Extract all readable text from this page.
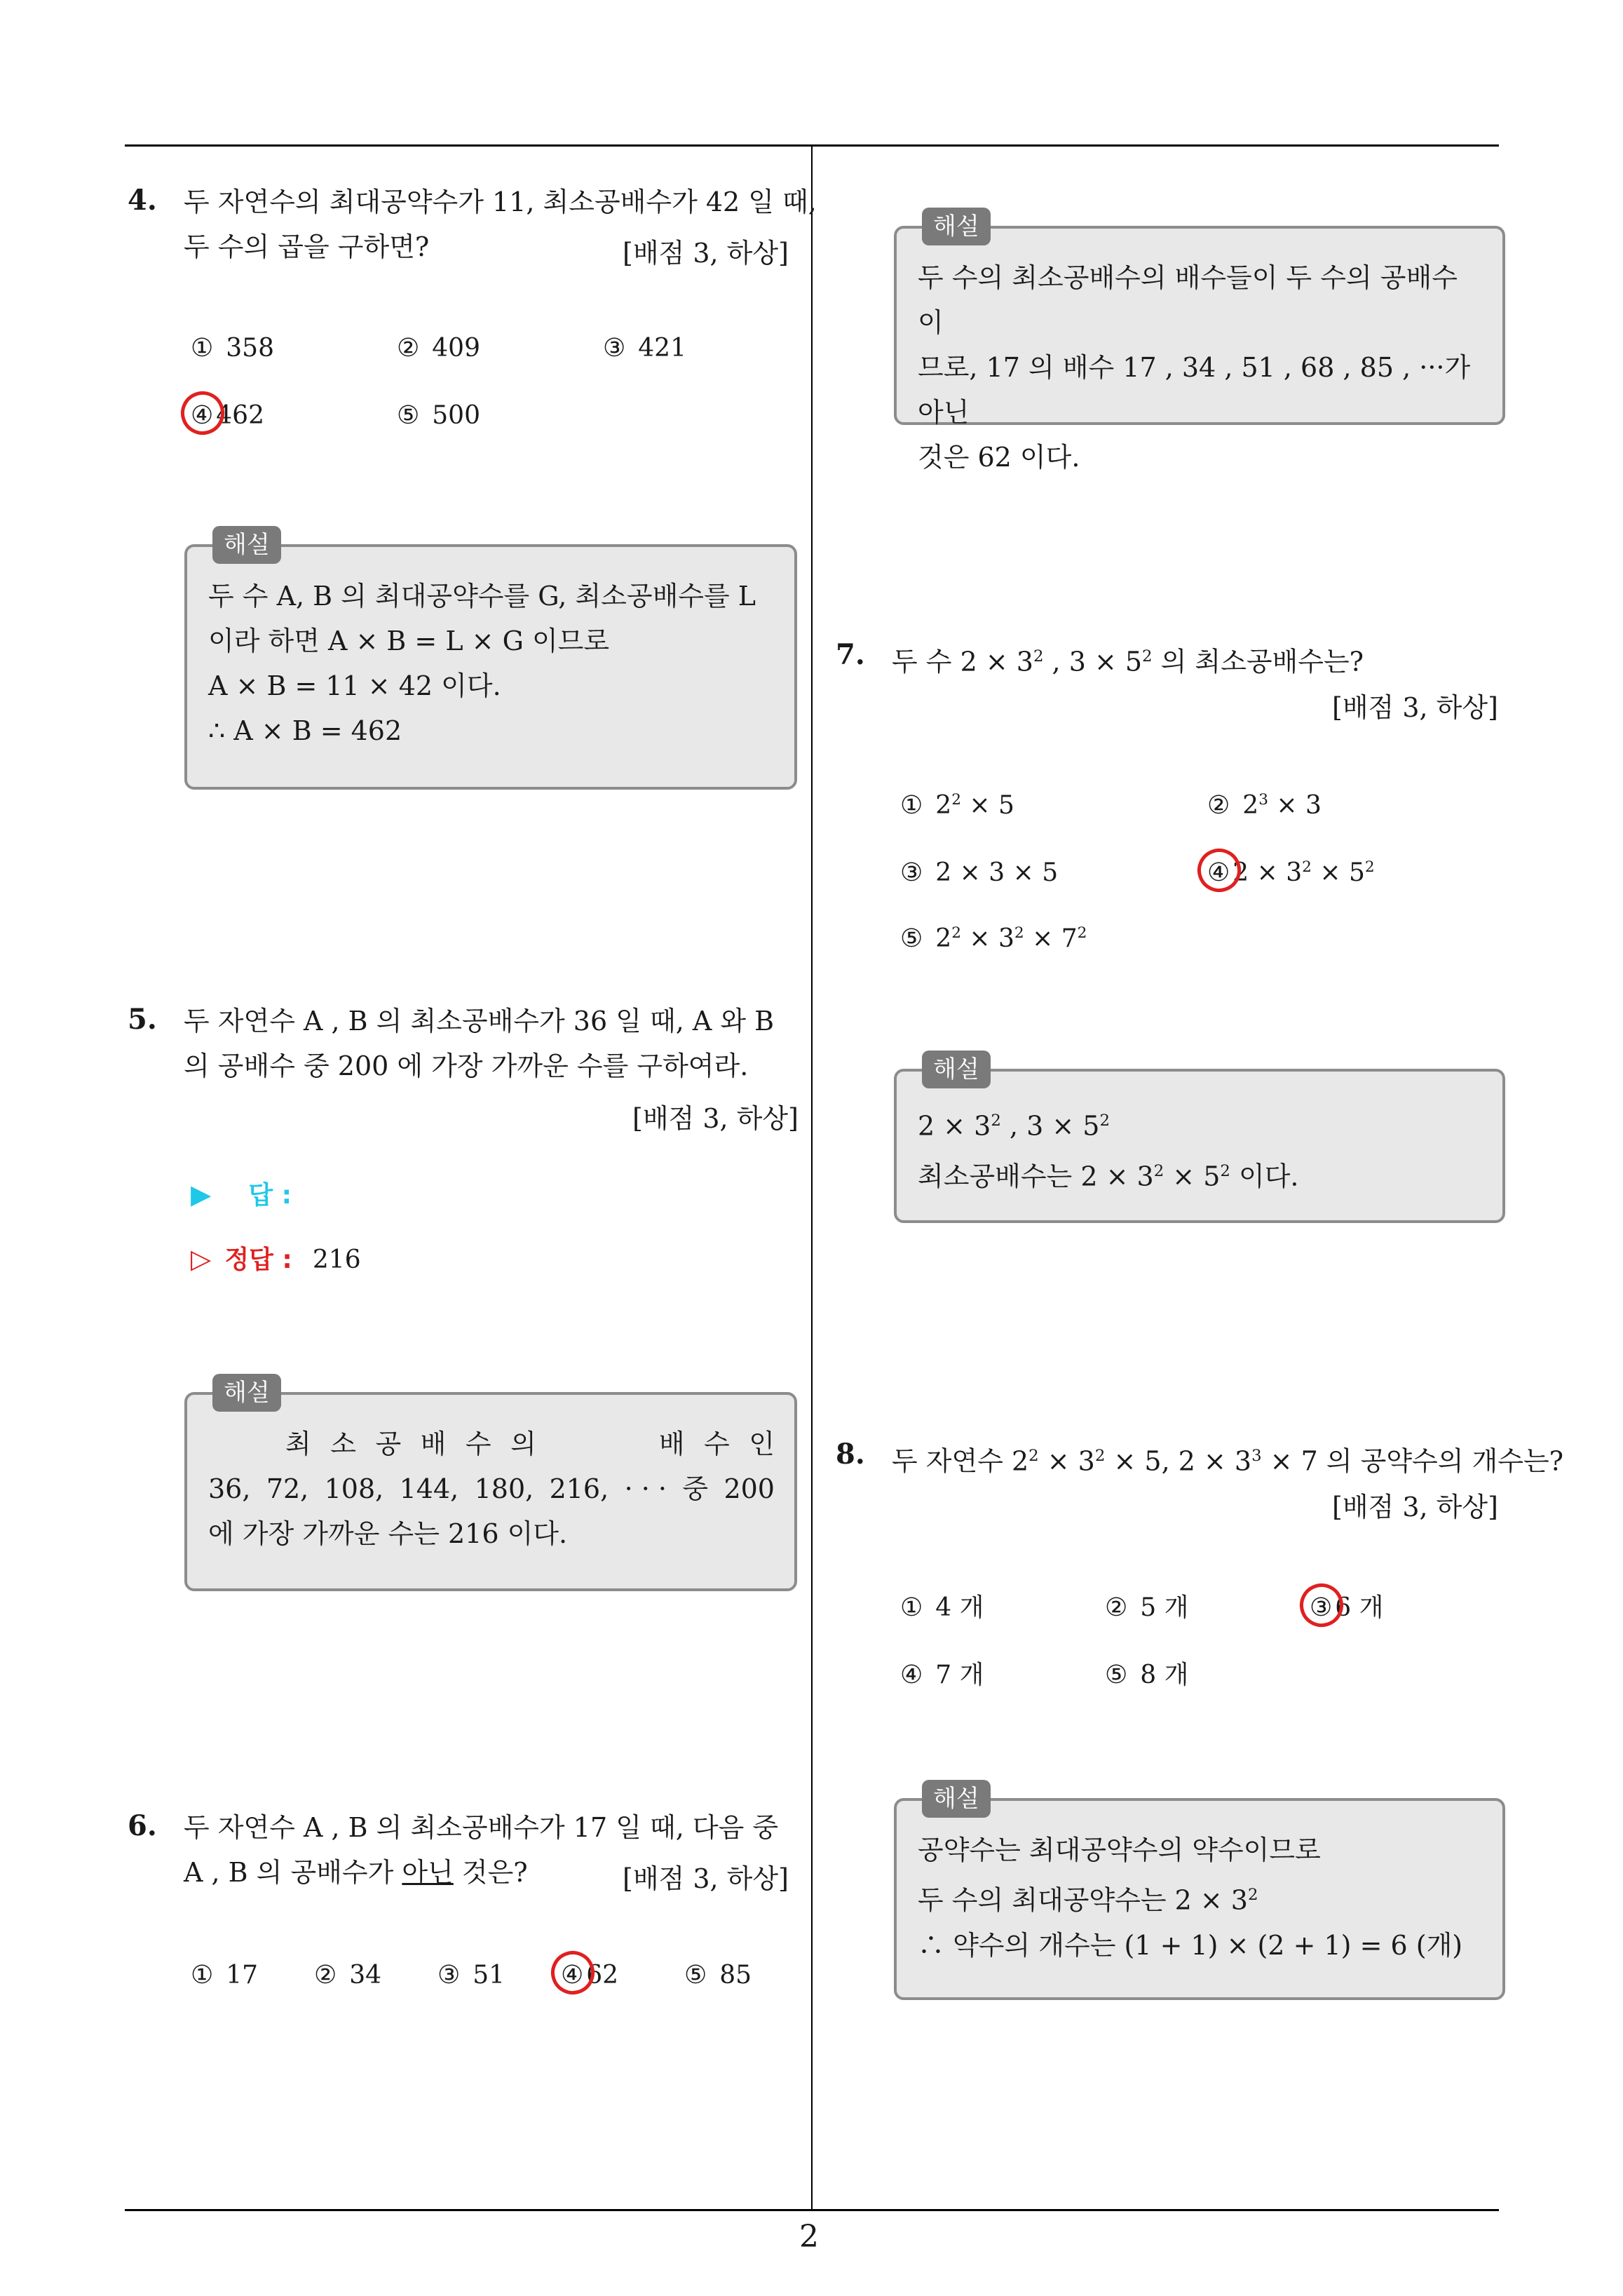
2
4. 두 자연수의 최대공약수가 11, 최소공배수가 42 일 때,
두 수의 곱을 구하면?	[배점 3, 하상]
① 358	② 409	③ 421
④ 462	⑤ 500
해설

두 수 A, B 의 최대공약수를 G, 최소공배수를 L

이라 하면 A × B = L × G 이므로

A × B = 11 × 42 이다.

∴ A × B = 462

5. 두 자연수 A , B 의 최소공배수가 36 일 때, A 와 B
의 공배수 중 200 에 가장 가까운 수를 구하여라.
[배점 3, 하상]
▶ 답 :
▷ 정답 : 216
해설
최 소 공 배 수 의	배 수 인
36, 72, 108, 144, 180, 216, · · · 중 200

에 가장 가까운 수는 216 이다.

6. 두 자연수 A , B 의 최소공배수가 17 일 때, 다음 중
A , B 의 공배수가 아닌 것은?	[배점 3, 하상]
① 17 ② 34 ③ 51 ④ 62	⑤ 85
해설

두 수의 최소공배수의 배수들이 두 수의 공배수이

므로, 17 의 배수 17 , 34 , 51 , 68 , 85 , ···가 아닌

것은 62 이다.

7. 두 수 $2 \times 3^2$ , $3 \times 5^2$ 의 최소공배수는?
[배점 3, 하상]
① $2^2 \times 5$	② $2^3 \times 3$
③ 2 × 3 × 5	④ $2 \times 3^2 \times 5^2$
⑤ $2^2 \times 3^2 \times 7^2$
해설

$2 \times 3^2$ , $3 \times 5^2$

최소공배수는 $2 \times 3^2 \times 5^2$ 이다.

8. 두 자연수 $2^2 \times 3^2 \times 5$, $2 \times 3^3 \times 7$ 의 공약수의 개수는?
[배점 3, 하상]
① 4 개	② 5 개	③ 6 개
④ 7 개	⑤ 8 개
해설

공약수는 최대공약수의 약수이므로

두 수의 최대공약수는 $2 \times 3^2$

∴ 약수의 개수는 (1 + 1) × (2 + 1) = 6 (개)
